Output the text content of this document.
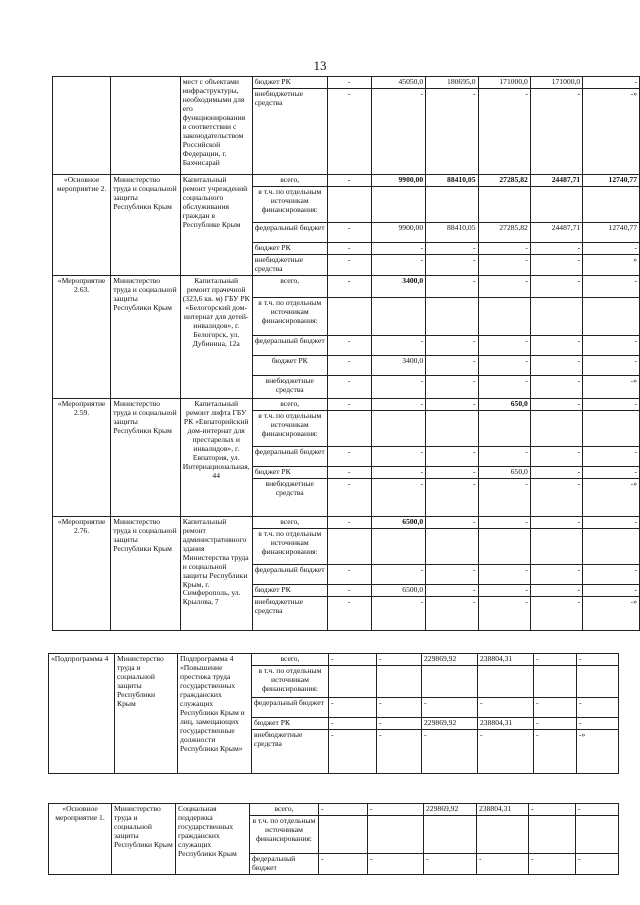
13
		мест с объектами инфраструктуры, необходимыми для его функционирования в соответствии с законодательством Российской Федерации, г. Бахчисарай	бюджет РК	-	45050,0	180695,0	171000,0	171000,0	-
			внебюджетные средства	-	-	-	-	-	-»
«Основное мероприятие 2.	Министерство труда и социальной защиты Республики Крым	Капитальный ремонт учреждений социального обслуживания граждан в Республике Крым	всего,	-	9900,00	88410,05	27285,82	24487,71	12740,77
			в т.ч. по отдельным источникам финансирования:						
			федеральный бюджет	-	9900,00	88410,05	27285,82	24487,71	12740,77
			бюджет РК	-	-	-	-	-	-
			внебюджетные средства	-	-	-	-	-	»
«Мероприятие 2.63.	Министерство труда и социальной защиты Республики Крым	Капитальный ремонт прачечной (323,6 кв. м) ГБУ РК «Белогорский дом-интернат для детей-инвалидов», г. Белогорск, ул. Дубинина, 12а	всего,	-	3400,0	-	-	-	-
			в т.ч. по отдельным источникам финансирования:						
			федеральный бюджет	-	-	-	-	-	-
			бюджет РК	-	3400,0	-	-	-	-
			внебюджетные средства	-	-	-	-	-	-»
«Мероприятие 2.59.	Министерство труда и социальной защиты Республики Крым	Капитальный ремонт лифта ГБУ РК «Евпаторийский дом-интернат для престарелых и инвалидов», г. Евпатория, ул. Интернациональная, 44	всего,	-	-	-	650,0	-	-
			в т.ч. по отдельным источникам финансирования:						
			федеральный бюджет	-	-	-	-	-	-
			бюджет РК	-	-	-	650,0	-	-
			внебюджетные средства	-	-	-	-	-	-»
«Мероприятие 2.76.	Министерство труда и социальной защиты Республики Крым	Капитальный ремонт административного здания Министерства труда и социальной защиты Республики Крым, г. Симферополь, ул. Крылова, 7	всего,	-	6500,0	-	-	-	-
			в т.ч. по отдельным источникам финансирования:						
			федеральный бюджет	-	-	-	-	-	-
			бюджет РК	-	6500,0	-	-	-	-
			внебюджетные средства	-	-	-	-	-	-»
«Подпрограмма 4	Министерство труда и социальной защиты Республики Крым	Подпрограмма 4 «Повышение престижа труда государственных гражданских служащих Республики Крым и лиц, замещающих государственные должности Республики Крым»	всего,	-	-	229869,92	238804,31	-	-
			в т.ч. по отдельным источникам финансирования:						
			федеральный бюджет	-	-	-	-	-	-
			бюджет РК	-	-	229869,92	238804,31	-	-
			внебюджетные средства	-	-	-	-	-	-»
«Основное мероприятие 1.	Министерство труда и социальной защиты Республики Крым	Социальная поддержка государственных гражданских служащих Республики Крым	всего,	-	-	229869,92	238804,31	-	-
			в т.ч. по отдельным источникам финансирования:						
			федеральный бюджет	-	-	-	-	-	-
